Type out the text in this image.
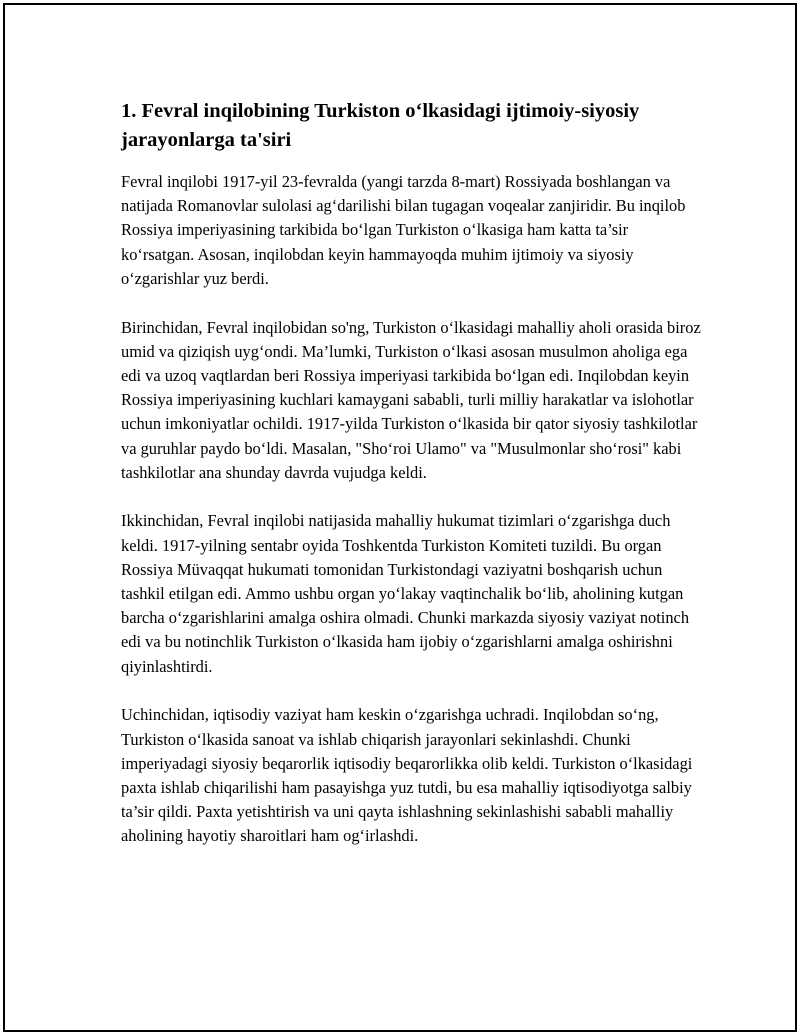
1. Fevral inqilobining Turkiston o‘lkasidagi ijtimoiy-siyosiy jarayonlarga ta'siri

Fevral inqilobi 1917-yil 23-fevralda (yangi tarzda 8-mart) Rossiyada boshlangan va natijada Romanovlar sulolasi ag‘darilishi bilan tugagan voqealar zanjiridir. Bu inqilob Rossiya imperiyasining tarkibida bo‘lgan Turkiston o‘lkasiga ham katta ta’sir ko‘rsatgan. Asosan, inqilobdan keyin hammayoqda muhim ijtimoiy va siyosiy o‘zgarishlar yuz berdi.

Birinchidan, Fevral inqilobidan so'ng, Turkiston o‘lkasidagi mahalliy aholi orasida biroz umid va qiziqish uyg‘ondi. Ma’lumki, Turkiston o‘lkasi asosan musulmon aholiga ega edi va uzoq vaqtlardan beri Rossiya imperiyasi tarkibida bo‘lgan edi. Inqilobdan keyin Rossiya imperiyasining kuchlari kamaygani sababli, turli milliy harakatlar va islohotlar uchun imkoniyatlar ochildi. 1917-yilda Turkiston o‘lkasida bir qator siyosiy tashkilotlar va guruhlar paydo bo‘ldi. Masalan, "Sho‘roi Ulamo" va "Musulmonlar sho‘rosi" kabi tashkilotlar ana shunday davrda vujudga keldi.

Ikkinchidan, Fevral inqilobi natijasida mahalliy hukumat tizimlari o‘zgarishga duch keldi. 1917-yilning sentabr oyida Toshkentda Turkiston Komiteti tuzildi. Bu organ Rossiya Müvaqqat hukumati tomonidan Turkistondagi vaziyatni boshqarish uchun tashkil etilgan edi. Ammo ushbu organ yo‘lakay vaqtinchalik bo‘lib, aholining kutgan barcha o‘zgarishlarini amalga oshira olmadi. Chunki markazda siyosiy vaziyat notinch edi va bu notinchlik Turkiston o‘lkasida ham ijobiy o‘zgarishlarni amalga oshirishni qiyinlashtirdi.

Uchinchidan, iqtisodiy vaziyat ham keskin o‘zgarishga uchradi. Inqilobdan so‘ng, Turkiston o‘lkasida sanoat va ishlab chiqarish jarayonlari sekinlashdi. Chunki imperiyadagi siyosiy beqarorlik iqtisodiy beqarorlikka olib keldi. Turkiston o‘lkasidagi paxta ishlab chiqarilishi ham pasayishga yuz tutdi, bu esa mahalliy iqtisodiyotga salbiy ta’sir qildi. Paxta yetishtirish va uni qayta ishlashning sekinlashishi sababli mahalliy aholining hayotiy sharoitlari ham og‘irlashdi.
